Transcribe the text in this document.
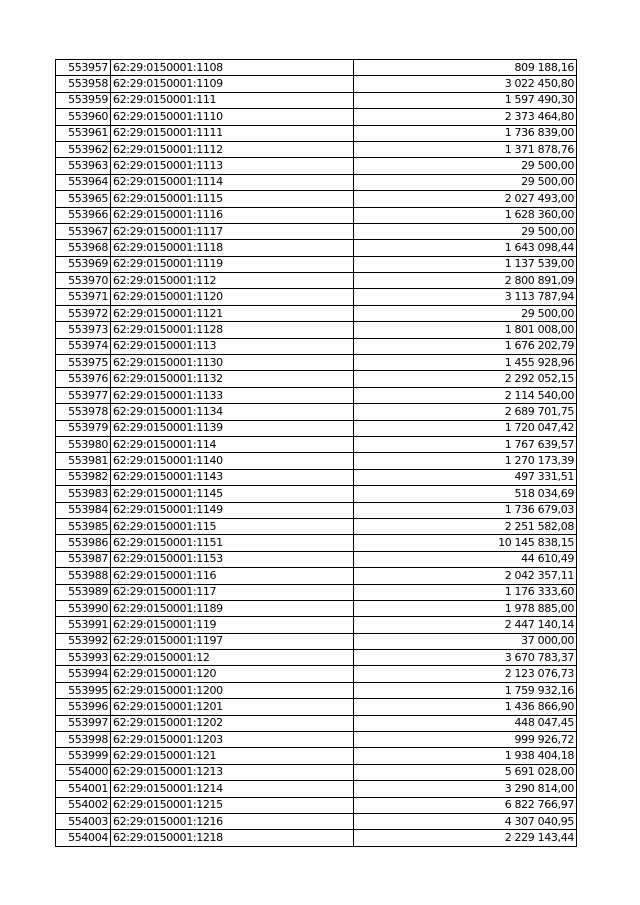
553957	62:29:0150001:1108	809 188,16
553958	62:29:0150001:1109	3 022 450,80
553959	62:29:0150001:111	1 597 490,30
553960	62:29:0150001:1110	2 373 464,80
553961	62:29:0150001:1111	1 736 839,00
553962	62:29:0150001:1112	1 371 878,76
553963	62:29:0150001:1113	29 500,00
553964	62:29:0150001:1114	29 500,00
553965	62:29:0150001:1115	2 027 493,00
553966	62:29:0150001:1116	1 628 360,00
553967	62:29:0150001:1117	29 500,00
553968	62:29:0150001:1118	1 643 098,44
553969	62:29:0150001:1119	1 137 539,00
553970	62:29:0150001:112	2 800 891,09
553971	62:29:0150001:1120	3 113 787,94
553972	62:29:0150001:1121	29 500,00
553973	62:29:0150001:1128	1 801 008,00
553974	62:29:0150001:113	1 676 202,79
553975	62:29:0150001:1130	1 455 928,96
553976	62:29:0150001:1132	2 292 052,15
553977	62:29:0150001:1133	2 114 540,00
553978	62:29:0150001:1134	2 689 701,75
553979	62:29:0150001:1139	1 720 047,42
553980	62:29:0150001:114	1 767 639,57
553981	62:29:0150001:1140	1 270 173,39
553982	62:29:0150001:1143	497 331,51
553983	62:29:0150001:1145	518 034,69
553984	62:29:0150001:1149	1 736 679,03
553985	62:29:0150001:115	2 251 582,08
553986	62:29:0150001:1151	10 145 838,15
553987	62:29:0150001:1153	44 610,49
553988	62:29:0150001:116	2 042 357,11
553989	62:29:0150001:117	1 176 333,60
553990	62:29:0150001:1189	1 978 885,00
553991	62:29:0150001:119	2 447 140,14
553992	62:29:0150001:1197	37 000,00
553993	62:29:0150001:12	3 670 783,37
553994	62:29:0150001:120	2 123 076,73
553995	62:29:0150001:1200	1 759 932,16
553996	62:29:0150001:1201	1 436 866,90
553997	62:29:0150001:1202	448 047,45
553998	62:29:0150001:1203	999 926,72
553999	62:29:0150001:121	1 938 404,18
554000	62:29:0150001:1213	5 691 028,00
554001	62:29:0150001:1214	3 290 814,00
554002	62:29:0150001:1215	6 822 766,97
554003	62:29:0150001:1216	4 307 040,95
554004	62:29:0150001:1218	2 229 143,44
